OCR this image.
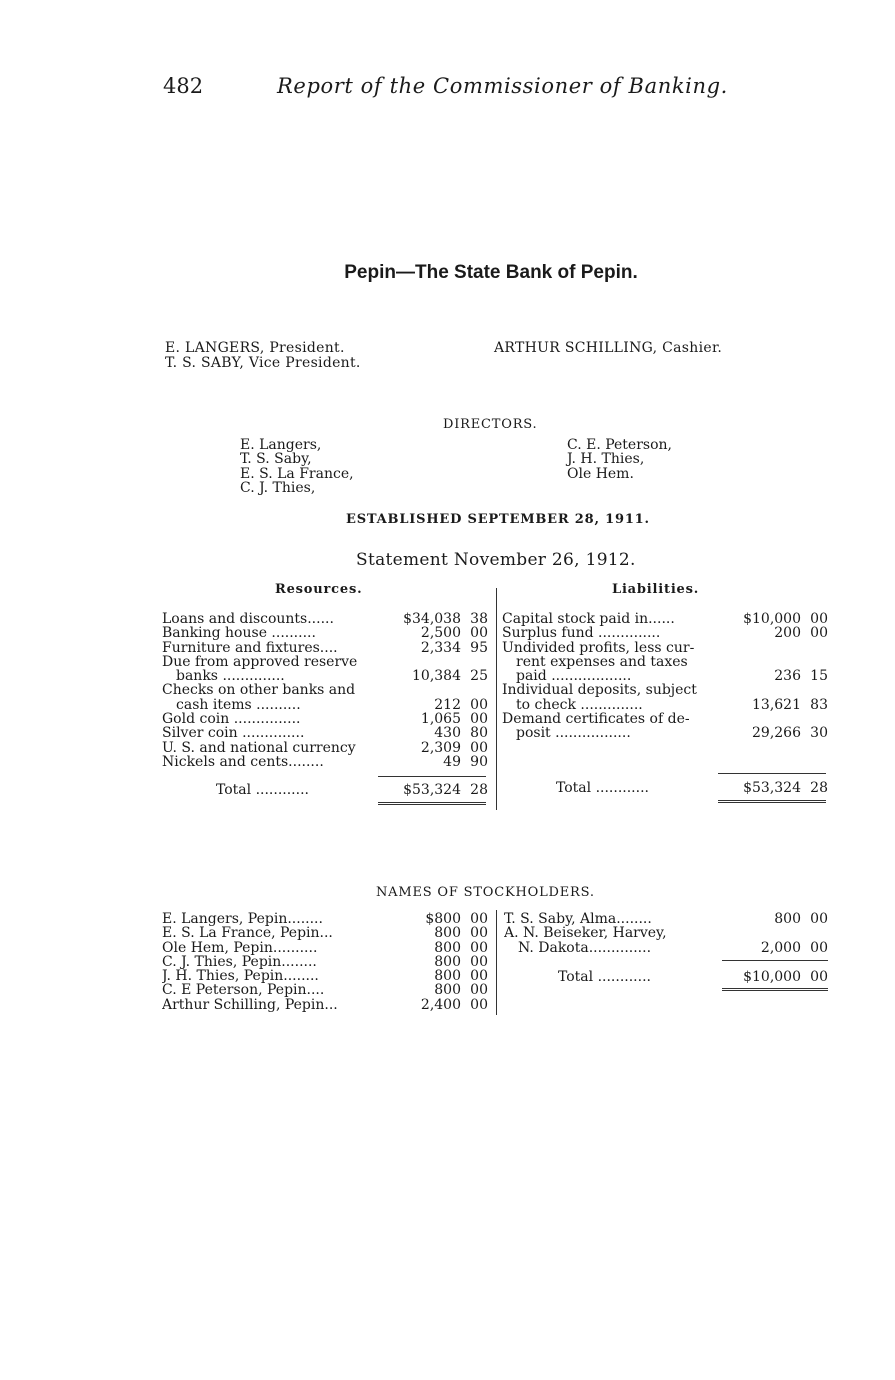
482	Report of the Commissioner of Banking.
Pepin—The State Bank of Pepin.
E. LANGERS, President.
T. S. SABY, Vice President.
ARTHUR SCHILLING, Cashier.
DIRECTORS.
E. Langers,
T. S. Saby,
E. S. La France,
C. J. Thies,
C. E. Peterson,
J. H. Thies,
Ole Hem.
ESTABLISHED SEPTEMBER 28, 1911.
Statement November 26, 1912.
Resources.	Liabilities.
Loans and discounts......	$34,038 38
Banking house ..........	2,500 00
Furniture and fixtures....	2,334 95
Due from approved reserve
banks ..............	10,384 25
Checks on other banks and
cash items ..........	212 00
Gold coin ...............	1,065 00
Silver coin ..............	430 80
U. S. and national currency	2,309 00
Nickels and cents........	49 90
Total ............	$53,324 28
Capital stock paid in......	$10,000 00
Surplus fund ..............	200 00
Undivided profits, less cur-
rent expenses and taxes
paid ..................	236 15
Individual deposits, subject
to check ..............	13,621 83
Demand certificates of de-
posit .................	29,266 30
Total ............	$53,324 28
NAMES OF STOCKHOLDERS.
E. Langers, Pepin........	$800 00
E. S. La France, Pepin...	800 00
Ole Hem, Pepin..........	800 00
C. J. Thies, Pepin........	800 00
J. H. Thies, Pepin........	800 00
C. E Peterson, Pepin....	800 00
Arthur Schilling, Pepin...	2,400 00
T. S. Saby, Alma........	800 00
A. N. Beiseker, Harvey,
N. Dakota..............	2,000 00
Total ............	$10,000 00
